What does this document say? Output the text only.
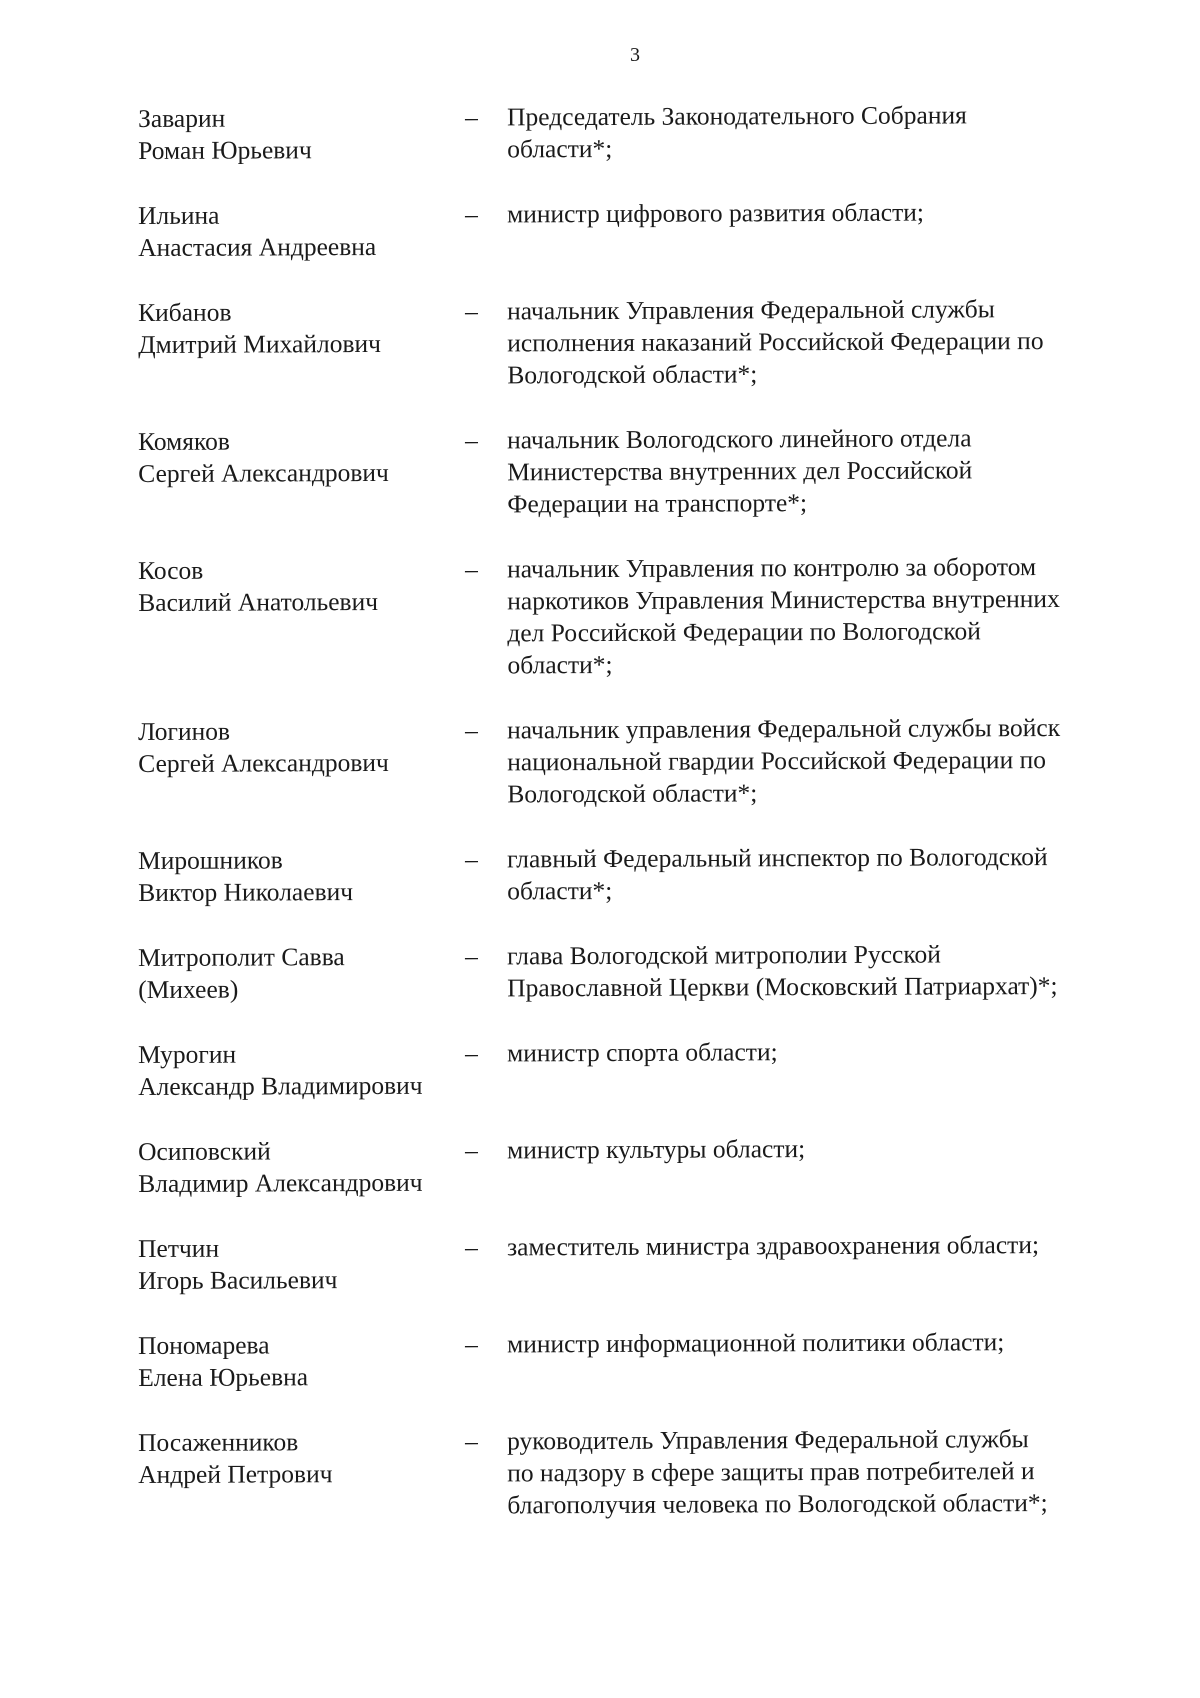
3
Заварин
Роман Юрьевич
–	Председатель Законодательного Собрания
области*;
Ильина
Анастасия Андреевна
–	министр цифрового развития области;
Кибанов
Дмитрий Михайлович
–	начальник Управления Федеральной службы
исполнения наказаний Российской Федерации по
Вологодской области*;
Комяков
Сергей Александрович
–	начальник Вологодского линейного отдела
Министерства внутренних дел Российской
Федерации на транспорте*;
Косов
Василий Анатольевич
–	начальник Управления по контролю за оборотом
наркотиков Управления Министерства внутренних
дел Российской Федерации по Вологодской
области*;
Логинов
Сергей Александрович
–	начальник управления Федеральной службы войск
национальной гвардии Российской Федерации по
Вологодской области*;
Мирошников
Виктор Николаевич
–	главный Федеральный инспектор по Вологодской
области*;
Митрополит Савва
(Михеев)
–	глава Вологодской митрополии Русской
Православной Церкви (Московский Патриархат)*;
Мурогин
Александр Владимирович
–	министр спорта области;
Осиповский
Владимир Александрович
–	министр культуры области;
Петчин
Игорь Васильевич
–	заместитель министра здравоохранения области;
Пономарева
Елена Юрьевна
–	министр информационной политики области;
Посаженников
Андрей Петрович
–	руководитель Управления Федеральной службы
по надзору в сфере защиты прав потребителей и
благополучия человека по Вологодской области*;
